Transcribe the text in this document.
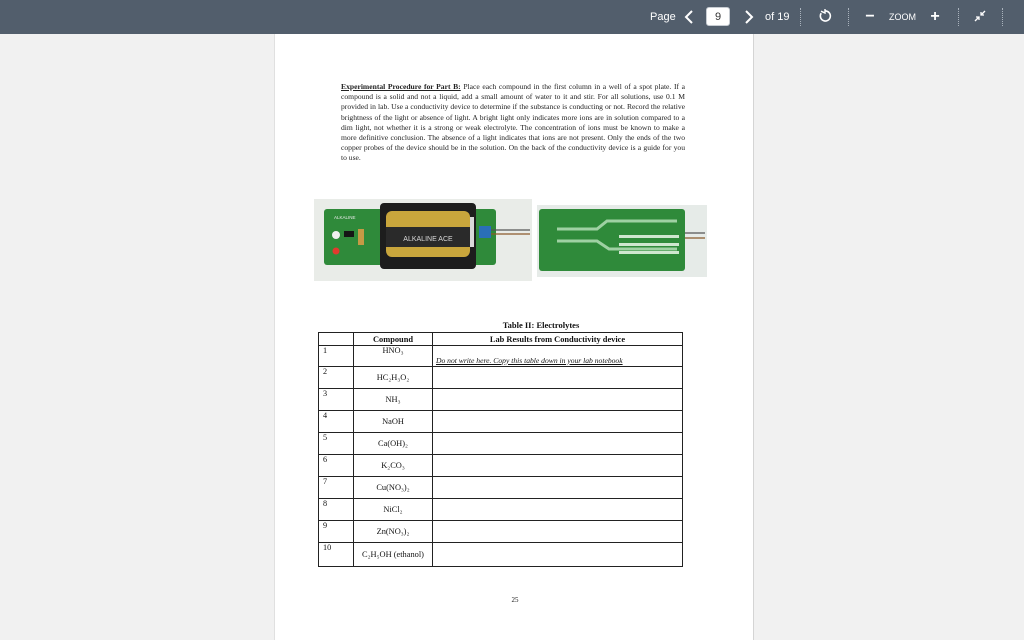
Page
9	of 19	− ZOOM +

Experimental Procedure for Part B: Place each compound in the first column in a well of a spot plate. If a compound is a solid and not a liquid, add a small amount of water to it and stir. For all solutions, use 0.1 M provided in lab. Use a conductivity device to determine if the substance is conducting or not. Record the relative brightness of the light or absence of light. A bright light only indicates more ions are in solution compared to a dim light, not whether it is a strong or weak electrolyte. The concentration of ions must be known to make a more definitive conclusion. The absence of a light indicates that ions are not present. Only the ends of the two copper probes of the device should be in the solution. On the back of the conductivity device is a guide for you to use.

ALKALINE ACE
ALKALINE
Table II: Electrolytes
	Compound	Lab Results from Conductivity device
1	HNO₃	Do not write here. Copy this table down in your lab notebook

2	HC₂H₃O₂	
3	NH₃	
4	NaOH	
5	Ca(OH)₂	
6	K₂CO₃	
7	Cu(NO₃)₂	
8	NiCl₂	
9	Zn(NO₃)₂	
10	C₂H₅OH (ethanol)	
25
